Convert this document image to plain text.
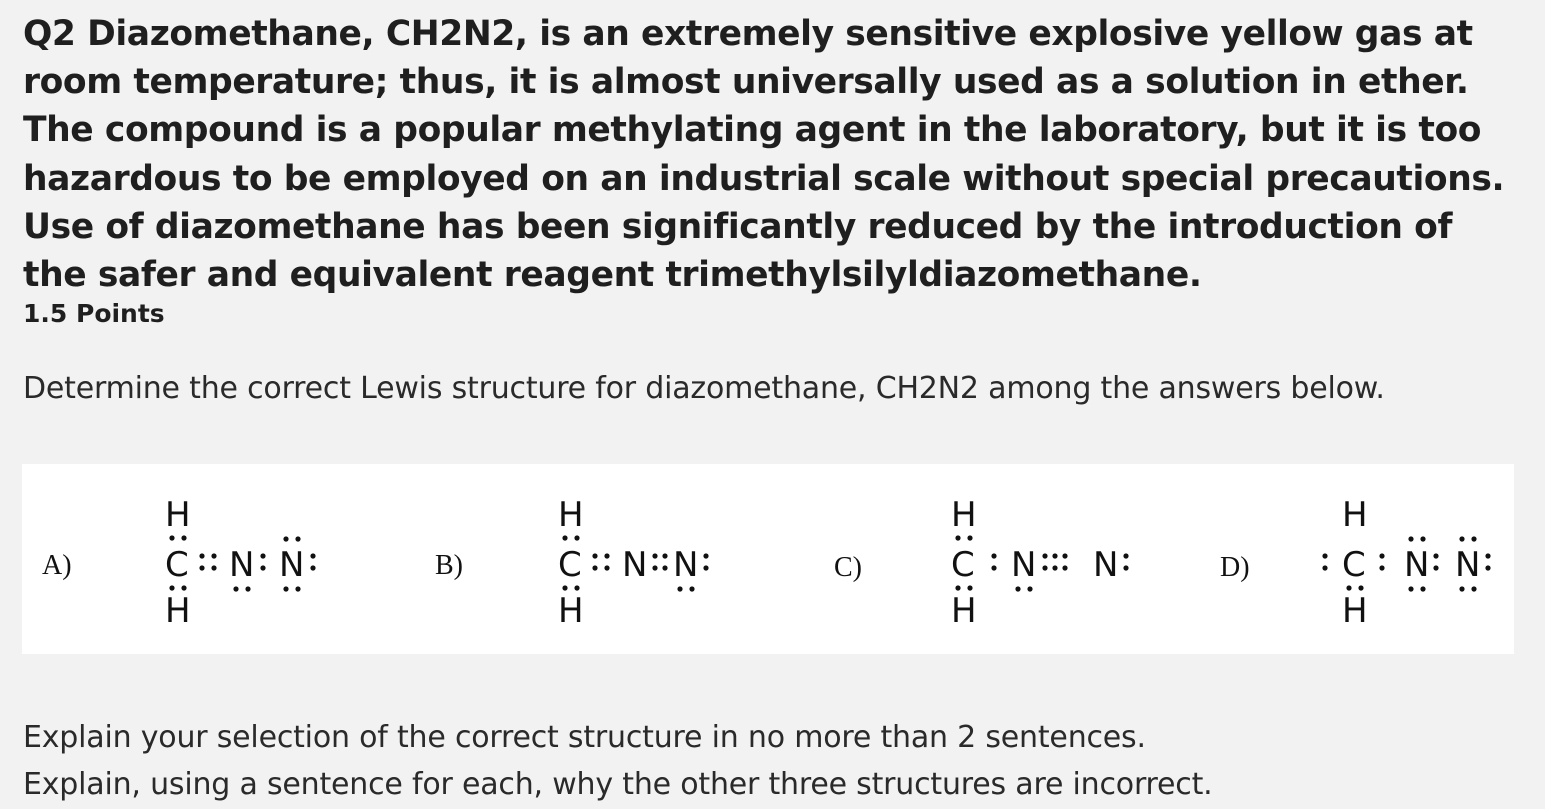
Q2 Diazomethane, CH2N2, is an extremely sensitive explosive yellow gas at room temperature; thus, it is almost universally used as a solution in ether. The compound is a popular methylating agent in the laboratory, but it is too hazardous to be employed on an industrial scale without special precautions. Use of diazomethane has been significantly reduced by the introduction of the safer and equivalent reagent trimethylsilyldiazomethane.
1.5 Points
Determine the correct Lewis structure for diazomethane, CH2N2 among the answers below.
A)
H
C N N
H
B)
H
C N N
H
C)
H
C N N
H
D)
H
C N N
H
Explain your selection of the correct structure in no more than 2 sentences.
Explain, using a sentence for each, why the other three structures are incorrect.
